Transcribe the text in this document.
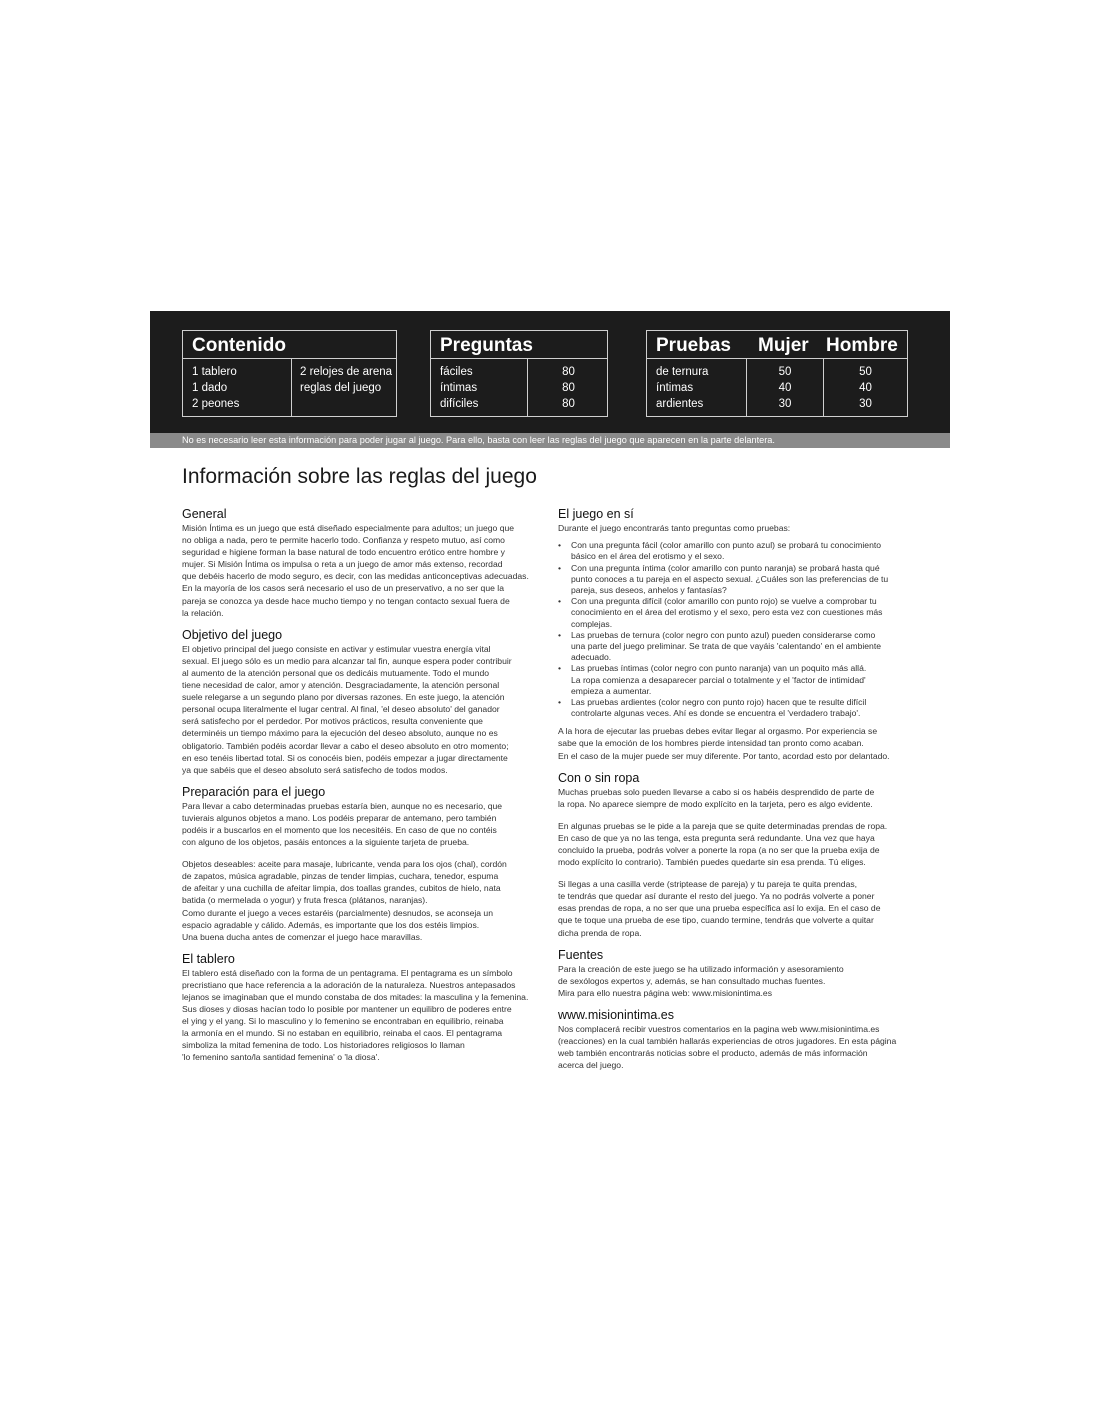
Contenido
1 tablero
1 dado
2 peones
2 relojes de arena
reglas del juego
Preguntas
fáciles
íntimas
difíciles
80
80
80
Pruebas Mujer Hombre
de ternura
íntimas
ardientes
50
40
30
50
40
30
No es necesario leer esta información para poder jugar al juego. Para ello, basta con leer las reglas del juego que aparecen en la parte delantera.
Información sobre las reglas del juego
General

Misión Íntima es un juego que está diseñado especialmente para adultos; un juego que
no obliga a nada, pero te permite hacerlo todo. Confianza y respeto mutuo, así como
seguridad e higiene forman la base natural de todo encuentro erótico entre hombre y
mujer. Si Misión Íntima os impulsa o reta a un juego de amor más extenso, recordad
que debéis hacerlo de modo seguro, es decir, con las medidas anticonceptivas adecuadas.
En la mayoría de los casos será necesario el uso de un preservativo, a no ser que la
pareja se conozca ya desde hace mucho tiempo y no tengan contacto sexual fuera de
la relación.

Objetivo del juego

El objetivo principal del juego consiste en activar y estimular vuestra energía vital
sexual. El juego sólo es un medio para alcanzar tal fin, aunque espera poder contribuir
al aumento de la atención personal que os dedicáis mutuamente. Todo el mundo
tiene necesidad de calor, amor y atención. Desgraciadamente, la atención personal
suele relegarse a un segundo plano por diversas razones. En este juego, la atención
personal ocupa literalmente el lugar central. Al final, 'el deseo absoluto' del ganador
será satisfecho por el perdedor. Por motivos prácticos, resulta conveniente que
determinéis un tiempo máximo para la ejecución del deseo absoluto, aunque no es
obligatorio. También podéis acordar llevar a cabo el deseo absoluto en otro momento;
en eso tenéis libertad total. Si os conocéis bien, podéis empezar a jugar directamente
ya que sabéis que el deseo absoluto será satisfecho de todos modos.

Preparación para el juego

Para llevar a cabo determinadas pruebas estaría bien, aunque no es necesario, que
tuvierais algunos objetos a mano. Los podéis preparar de antemano, pero también
podéis ir a buscarlos en el momento que los necesitéis. En caso de que no contéis
con alguno de los objetos, pasáis entonces a la siguiente tarjeta de prueba.

Objetos deseables: aceite para masaje, lubricante, venda para los ojos (chal), cordón
de zapatos, música agradable, pinzas de tender limpias, cuchara, tenedor, espuma
de afeitar y una cuchilla de afeitar limpia, dos toallas grandes, cubitos de hielo, nata
batida (o mermelada o yogur) y fruta fresca (plátanos, naranjas).
Como durante el juego a veces estaréis (parcialmente) desnudos, se aconseja un
espacio agradable y cálido. Además, es importante que los dos estéis limpios.
Una buena ducha antes de comenzar el juego hace maravillas.

El tablero

El tablero está diseñado con la forma de un pentagrama. El pentagrama es un símbolo
precristiano que hace referencia a la adoración de la naturaleza. Nuestros antepasados
lejanos se imaginaban que el mundo constaba de dos mitades: la masculina y la femenina.
Sus dioses y diosas hacían todo lo posible por mantener un equilibro de poderes entre
el ying y el yang. Si lo masculino y lo femenino se encontraban en equilibrio, reinaba
la armonía en el mundo. Si no estaban en equilibrio, reinaba el caos. El pentagrama
simboliza la mitad femenina de todo. Los historiadores religiosos lo llaman
'lo femenino santo/la santidad femenina' o 'la diosa'.

El juego en sí

Durante el juego encontrarás tanto preguntas como pruebas:

• Con una pregunta fácil (color amarillo con punto azul) se probará tu conocimiento
básico en el área del erotismo y el sexo.
• Con una pregunta íntima (color amarillo con punto naranja) se probará hasta qué
punto conoces a tu pareja en el aspecto sexual. ¿Cuáles son las preferencias de tu
pareja, sus deseos, anhelos y fantasías?
• Con una pregunta difícil (color amarillo con punto rojo) se vuelve a comprobar tu
conocimiento en el área del erotismo y el sexo, pero esta vez con cuestiones más
complejas.
• Las pruebas de ternura (color negro con punto azul) pueden considerarse como
una parte del juego preliminar. Se trata de que vayáis 'calentando' en el ambiente
adecuado.
• Las pruebas íntimas (color negro con punto naranja) van un poquito más allá.
La ropa comienza a desaparecer parcial o totalmente y el 'factor de intimidad'
empieza a aumentar.
• Las pruebas ardientes (color negro con punto rojo) hacen que te resulte difícil
controlarte algunas veces. Ahí es donde se encuentra el 'verdadero trabajo'.

A la hora de ejecutar las pruebas debes evitar llegar al orgasmo. Por experiencia se
sabe que la emoción de los hombres pierde intensidad tan pronto como acaban.
En el caso de la mujer puede ser muy diferente. Por tanto, acordad esto por delantado.

Con o sin ropa

Muchas pruebas solo pueden llevarse a cabo si os habéis desprendido de parte de
la ropa. No aparece siempre de modo explícito en la tarjeta, pero es algo evidente.

En algunas pruebas se le pide a la pareja que se quite determinadas prendas de ropa.
En caso de que ya no las tenga, esta pregunta será redundante. Una vez que haya
concluido la prueba, podrás volver a ponerte la ropa (a no ser que la prueba exija de
modo explícito lo contrario). También puedes quedarte sin esa prenda. Tú eliges.

Si llegas a una casilla verde (striptease de pareja) y tu pareja te quita prendas,
te tendrás que quedar así durante el resto del juego. Ya no podrás volverte a poner
esas prendas de ropa, a no ser que una prueba específica así lo exija. En el caso de
que te toque una prueba de ese tipo, cuando termine, tendrás que volverte a quitar
dicha prenda de ropa.

Fuentes

Para la creación de este juego se ha utilizado información y asesoramiento
de sexólogos expertos y, además, se han consultado muchas fuentes.
Mira para ello nuestra página web: www.misionintima.es

www.misionintima.es

Nos complacerá recibir vuestros comentarios en la pagina web www.misionintima.es
(reacciones) en la cual también hallarás experiencias de otros jugadores. En esta página
web también encontrarás noticias sobre el producto, además de más información
acerca del juego.
